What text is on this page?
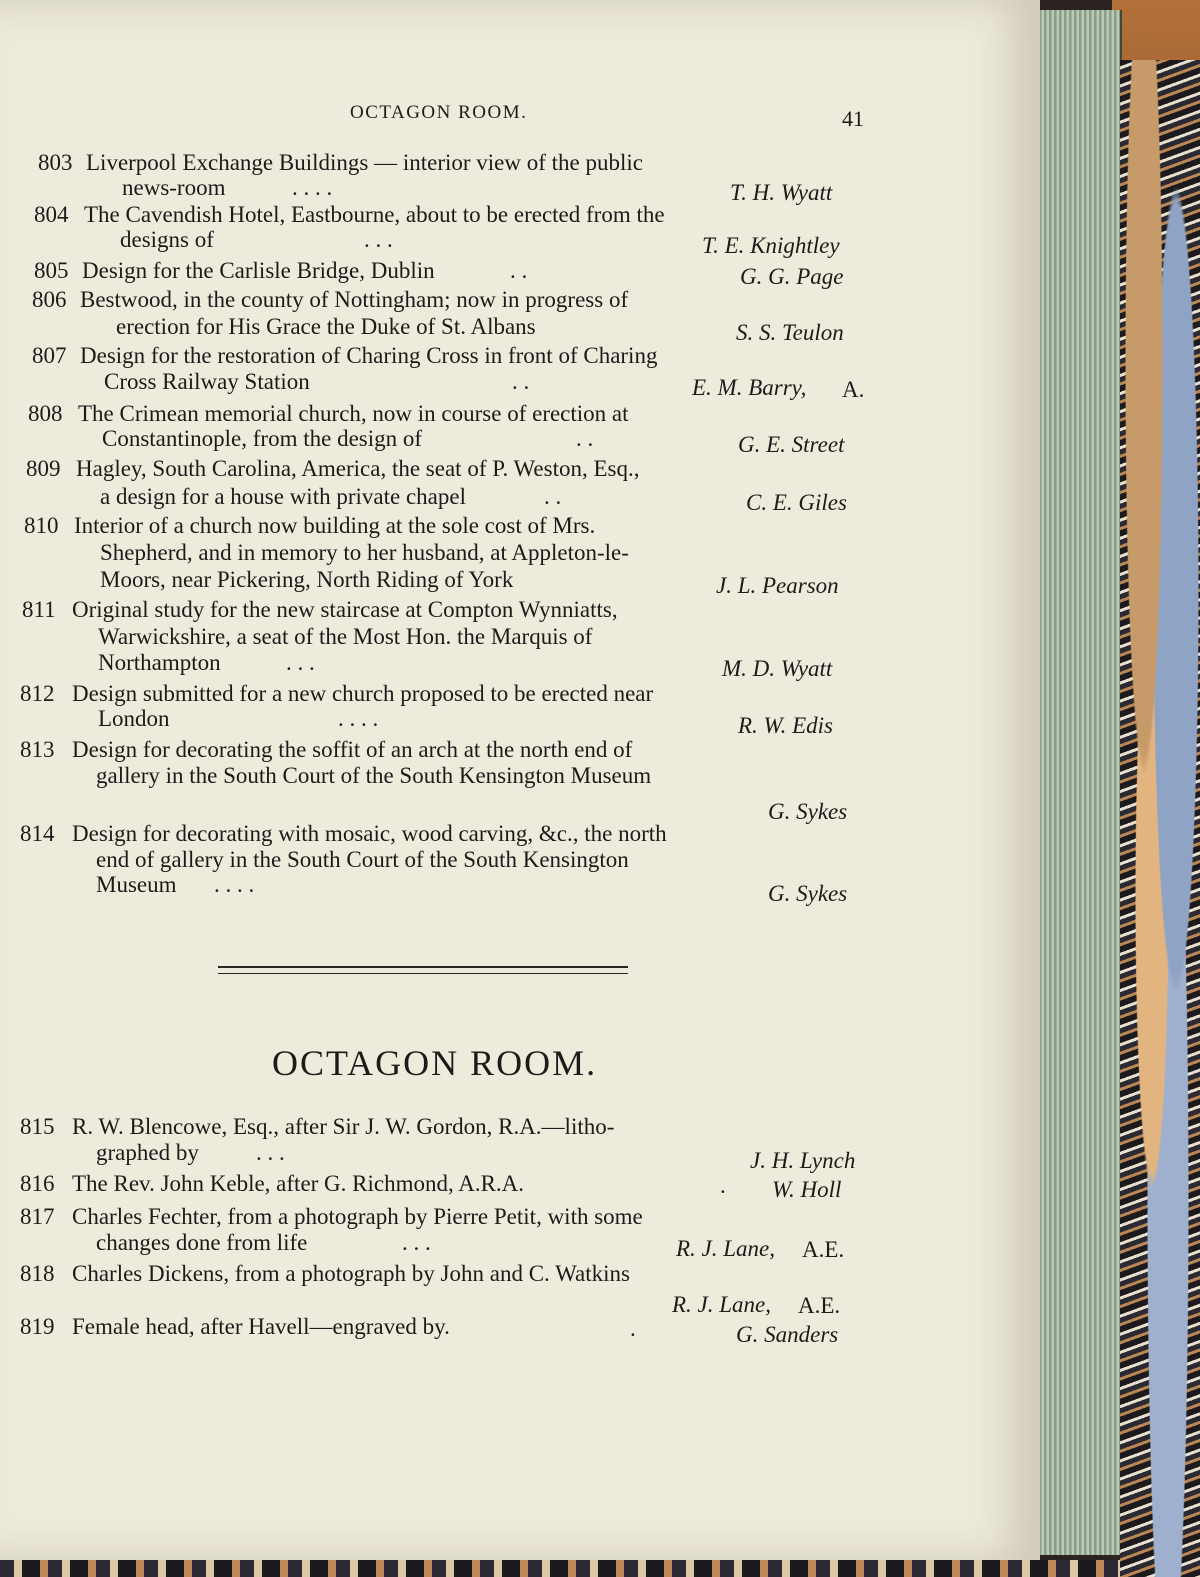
OCTAGON ROOM.	41
803 Liverpool Exchange Buildings — interior view of the public
news-room	. . . .	T. H. Wyatt
804 The Cavendish Hotel, Eastbourne, about to be erected from the
designs of	. . .	T. E. Knightley
805 Design for the Carlisle Bridge, Dublin	. .	G. G. Page
806 Bestwood, in the county of Nottingham; now in progress of
erection for His Grace the Duke of St. Albans	S. S. Teulon
807 Design for the restoration of Charing Cross in front of Charing
Cross Railway Station	. .	E. M. Barry, A.
808 The Crimean memorial church, now in course of erection at
Constantinople, from the design of	. .	G. E. Street
809 Hagley, South Carolina, America, the seat of P. Weston, Esq.,
a design for a house with private chapel	. .	C. E. Giles
810 Interior of a church now building at the sole cost of Mrs.
Shepherd, and in memory to her husband, at Appleton-le-
Moors, near Pickering, North Riding of York	J. L. Pearson
811 Original study for the new staircase at Compton Wynniatts,
Warwickshire, a seat of the Most Hon. the Marquis of
Northampton	. . .	M. D. Wyatt
812 Design submitted for a new church proposed to be erected near
London	. . . .	R. W. Edis
813 Design for decorating the soffit of an arch at the north end of
gallery in the South Court of the South Kensington Museum
G. Sykes
814 Design for decorating with mosaic, wood carving, &c., the north
end of gallery in the South Court of the South Kensington
Museum . . . .	G. Sykes
OCTAGON ROOM.
815 R. W. Blencowe, Esq., after Sir J. W. Gordon, R.A.—litho-
graphed by . . .	J. H. Lynch
816 The Rev. John Keble, after G. Richmond, A.R.A.	. W. Holl
817 Charles Fechter, from a photograph by Pierre Petit, with some
changes done from life	. . .	R. J. Lane, A.E.
818 Charles Dickens, from a photograph by John and C. Watkins
R. J. Lane, A.E.
819 Female head, after Havell—engraved by.	.	G. Sanders
